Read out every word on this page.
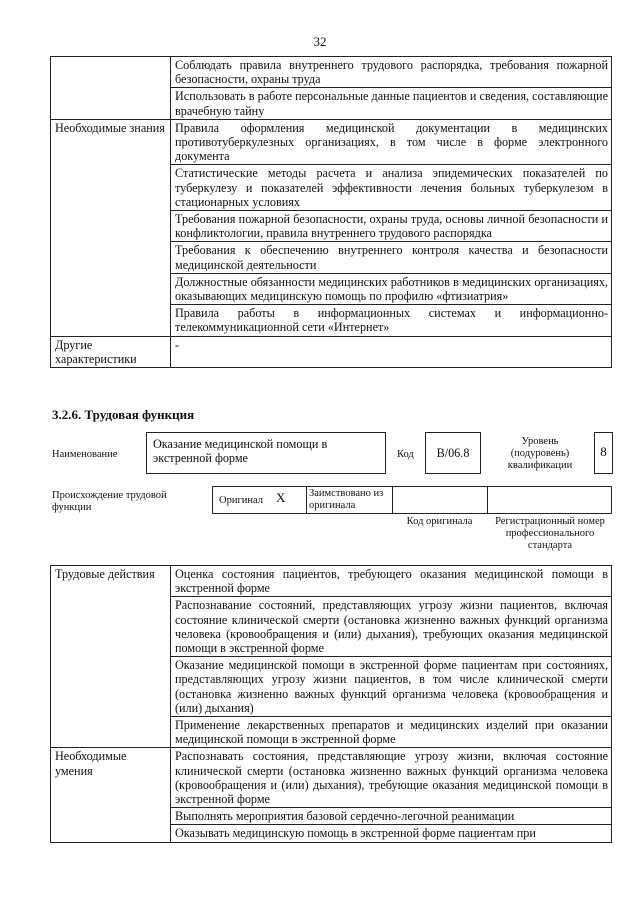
32
	Соблюдать правила внутреннего трудового распорядка, требования пожарной безопасности, охраны труда
	Использовать в работе персональные данные пациентов и сведения, составляющие врачебную тайну
Необходимые знания	Правила оформления медицинской документации в медицинских противотуберкулезных организациях, в том числе в форме электронного документа
	Статистические методы расчета и анализа эпидемических показателей по туберкулезу и показателей эффективности лечения больных туберкулезом в стационарных условиях
	Требования пожарной безопасности, охраны труда, основы личной безопасности и конфликтологии, правила внутреннего трудового распорядка
	Требования к обеспечению внутреннего контроля качества и безопасности медицинской деятельности
	Должностные обязанности медицинских работников в медицинских организациях, оказывающих медицинскую помощь по профилю «фтизиатрия»
	Правила работы в информационных системах и информационно-телекоммуникационной сети «Интернет»
Другие характеристики	-
3.2.6. Трудовая функция
Наименование
Оказание медицинской помощи в экстренной форме	Код	B/06.8
Уровень (подуровень) квалификации
8
Происхождение трудовой функции
Оригинал X Заимствовано из оригинала
Код оригинала	Регистрационный номер профессионального стандарта
Трудовые действия	Оценка состояния пациентов, требующего оказания медицинской помощи в экстренной форме
	Распознавание состояний, представляющих угрозу жизни пациентов, включая состояние клинической смерти (остановка жизненно важных функций организма человека (кровообращения и (или) дыхания), требующих оказания медицинской помощи в экстренной форме
	Оказание медицинской помощи в экстренной форме пациентам при состояниях, представляющих угрозу жизни пациентов, в том числе клинической смерти (остановка жизненно важных функций организма человека (кровообращения и (или) дыхания)
	Применение лекарственных препаратов и медицинских изделий при оказании медицинской помощи в экстренной форме
Необходимые умения	Распознавать состояния, представляющие угрозу жизни, включая состояние клинической смерти (остановка жизненно важных функций организма человека (кровообращения и (или) дыхания), требующие оказания медицинской помощи в экстренной форме
	Выполнять мероприятия базовой сердечно-легочной реанимации
	Оказывать медицинскую помощь в экстренной форме пациентам при
